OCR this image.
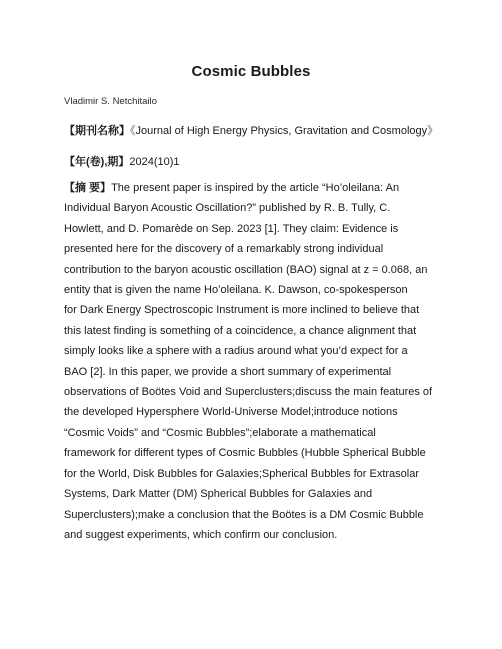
Cosmic Bubbles
Vladimir S. Netchitailo
【期刊名称】《Journal of High Energy Physics, Gravitation and Cosmology》
【年(卷),期】2024(10)1
【摘 要】The present paper is inspired by the article “Ho’oleilana: An
Individual Baryon Acoustic Oscillation?” published by R. B. Tully, C.
Howlett, and D. Pomarède on Sep. 2023 [1]. They claim: Evidence is
presented here for the discovery of a remarkably strong individual
contribution to the baryon acoustic oscillation (BAO) signal at z = 0.068, an
entity that is given the name Ho’oleilana. K. Dawson, co-spokesperson
for Dark Energy Spectroscopic Instrument is more inclined to believe that
this latest finding is something of a coincidence, a chance alignment that
simply looks like a sphere with a radius around what you’d expect for a
BAO [2]. In this paper, we provide a short summary of experimental
observations of Boötes Void and Superclusters;discuss the main features of
the developed Hypersphere World-Universe Model;introduce notions
“Cosmic Voids” and “Cosmic Bubbles”;elaborate a mathematical
framework for different types of Cosmic Bubbles (Hubble Spherical Bubble
for the World, Disk Bubbles for Galaxies;Spherical Bubbles for Extrasolar
Systems, Dark Matter (DM) Spherical Bubbles for Galaxies and
Superclusters);make a conclusion that the Boötes is a DM Cosmic Bubble
and suggest experiments, which confirm our conclusion.
